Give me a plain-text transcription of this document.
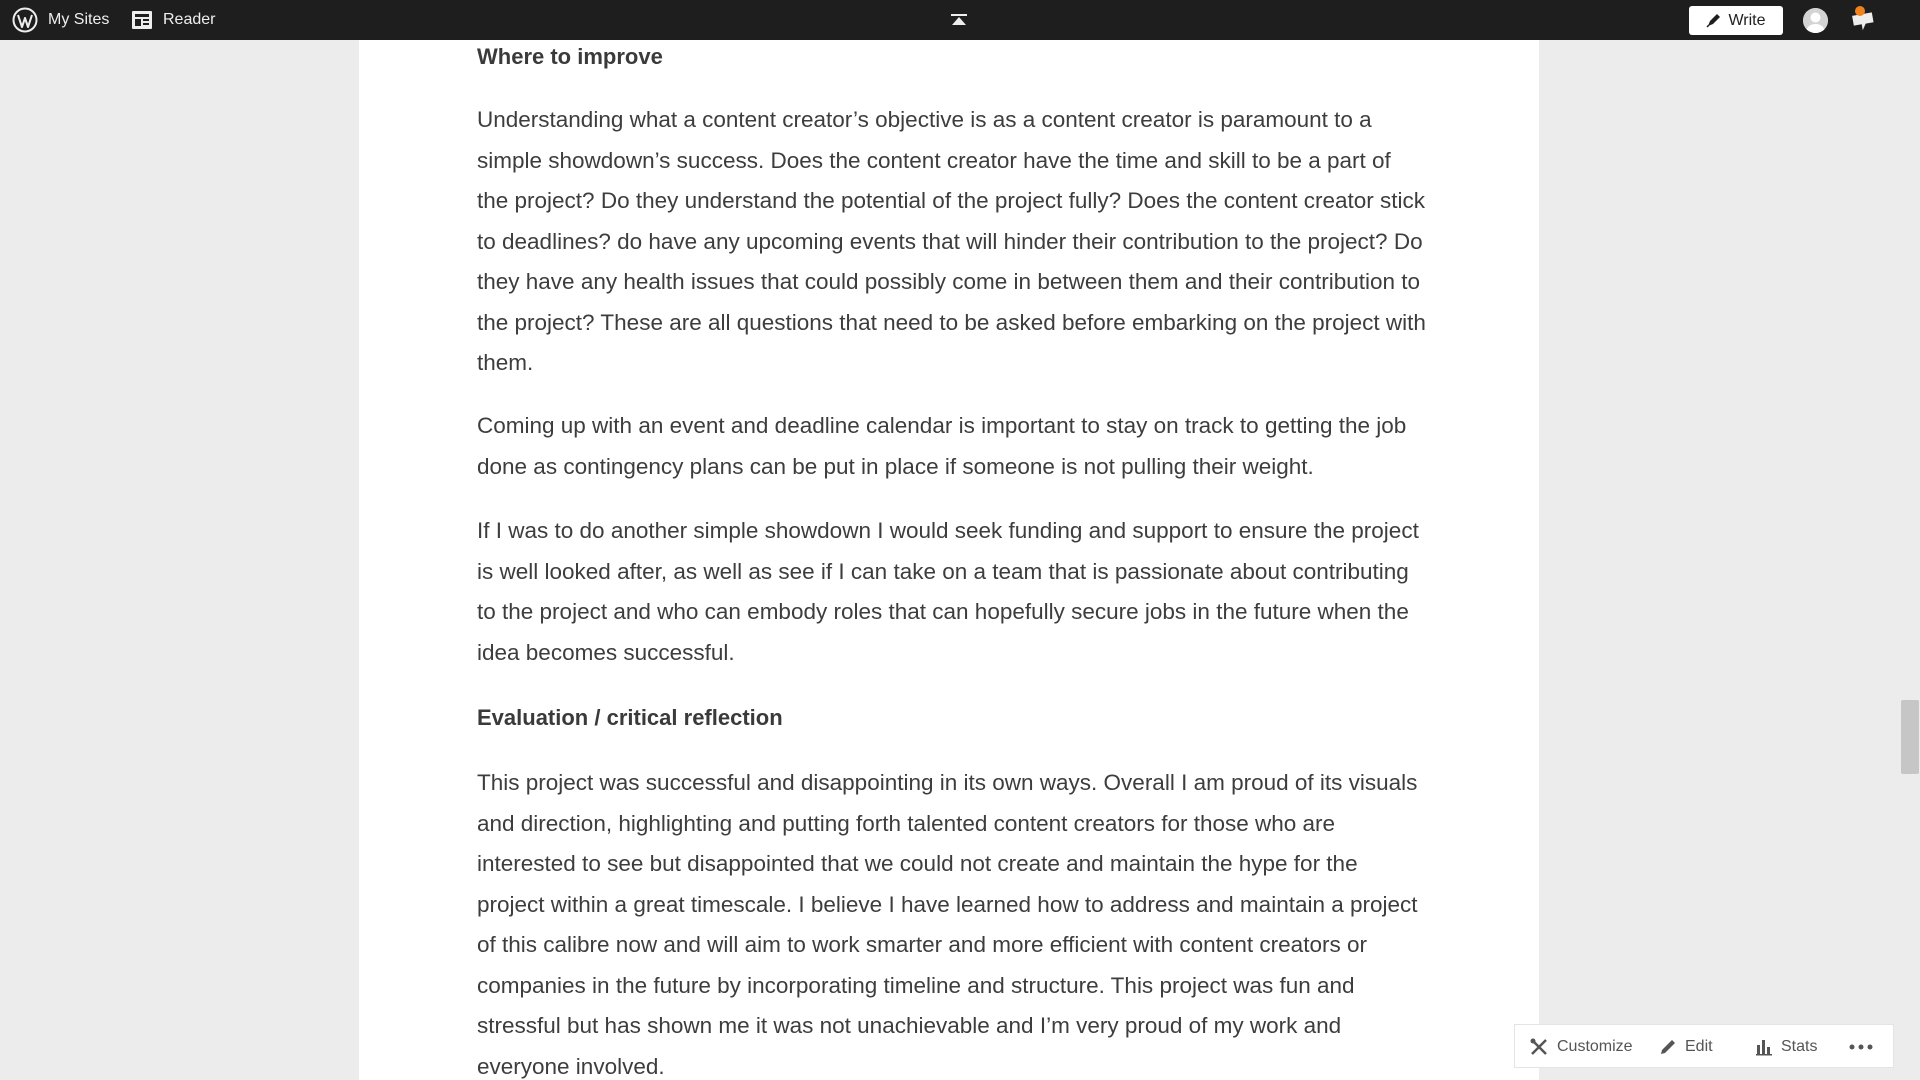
My Sites	Reader	Write

Where to improve

Understanding what a content creator’s objective is as a content creator is paramount to a simple showdown’s success. Does the content creator have the time and skill to be a part of the project? Do they understand the potential of the project fully? Does the content creator stick to deadlines? do have any upcoming events that will hinder their contribution to the project? Do they have any health issues that could possibly come in between them and their contribution to the project? These are all questions that need to be asked before embarking on the project with them.

Coming up with an event and deadline calendar is important to stay on track to getting the job done as contingency plans can be put in place if someone is not pulling their weight.

If I was to do another simple showdown I would seek funding and support to ensure the project is well looked after, as well as see if I can take on a team that is passionate about contributing to the project and who can embody roles that can hopefully secure jobs in the future when the idea becomes successful.

Evaluation / critical reflection

This project was successful and disappointing in its own ways. Overall I am proud of its visuals and direction, highlighting and putting forth talented content creators for those who are interested to see but disappointed that we could not create and maintain the hype for the project within a great timescale. I believe I have learned how to address and maintain a project of this calibre now and will aim to work smarter and more efficient with content creators or companies in the future by incorporating timeline and structure. This project was fun and stressful but has shown me it was not unachievable and I’m very proud of my work and everyone involved.

Customize	Edit	Stats
